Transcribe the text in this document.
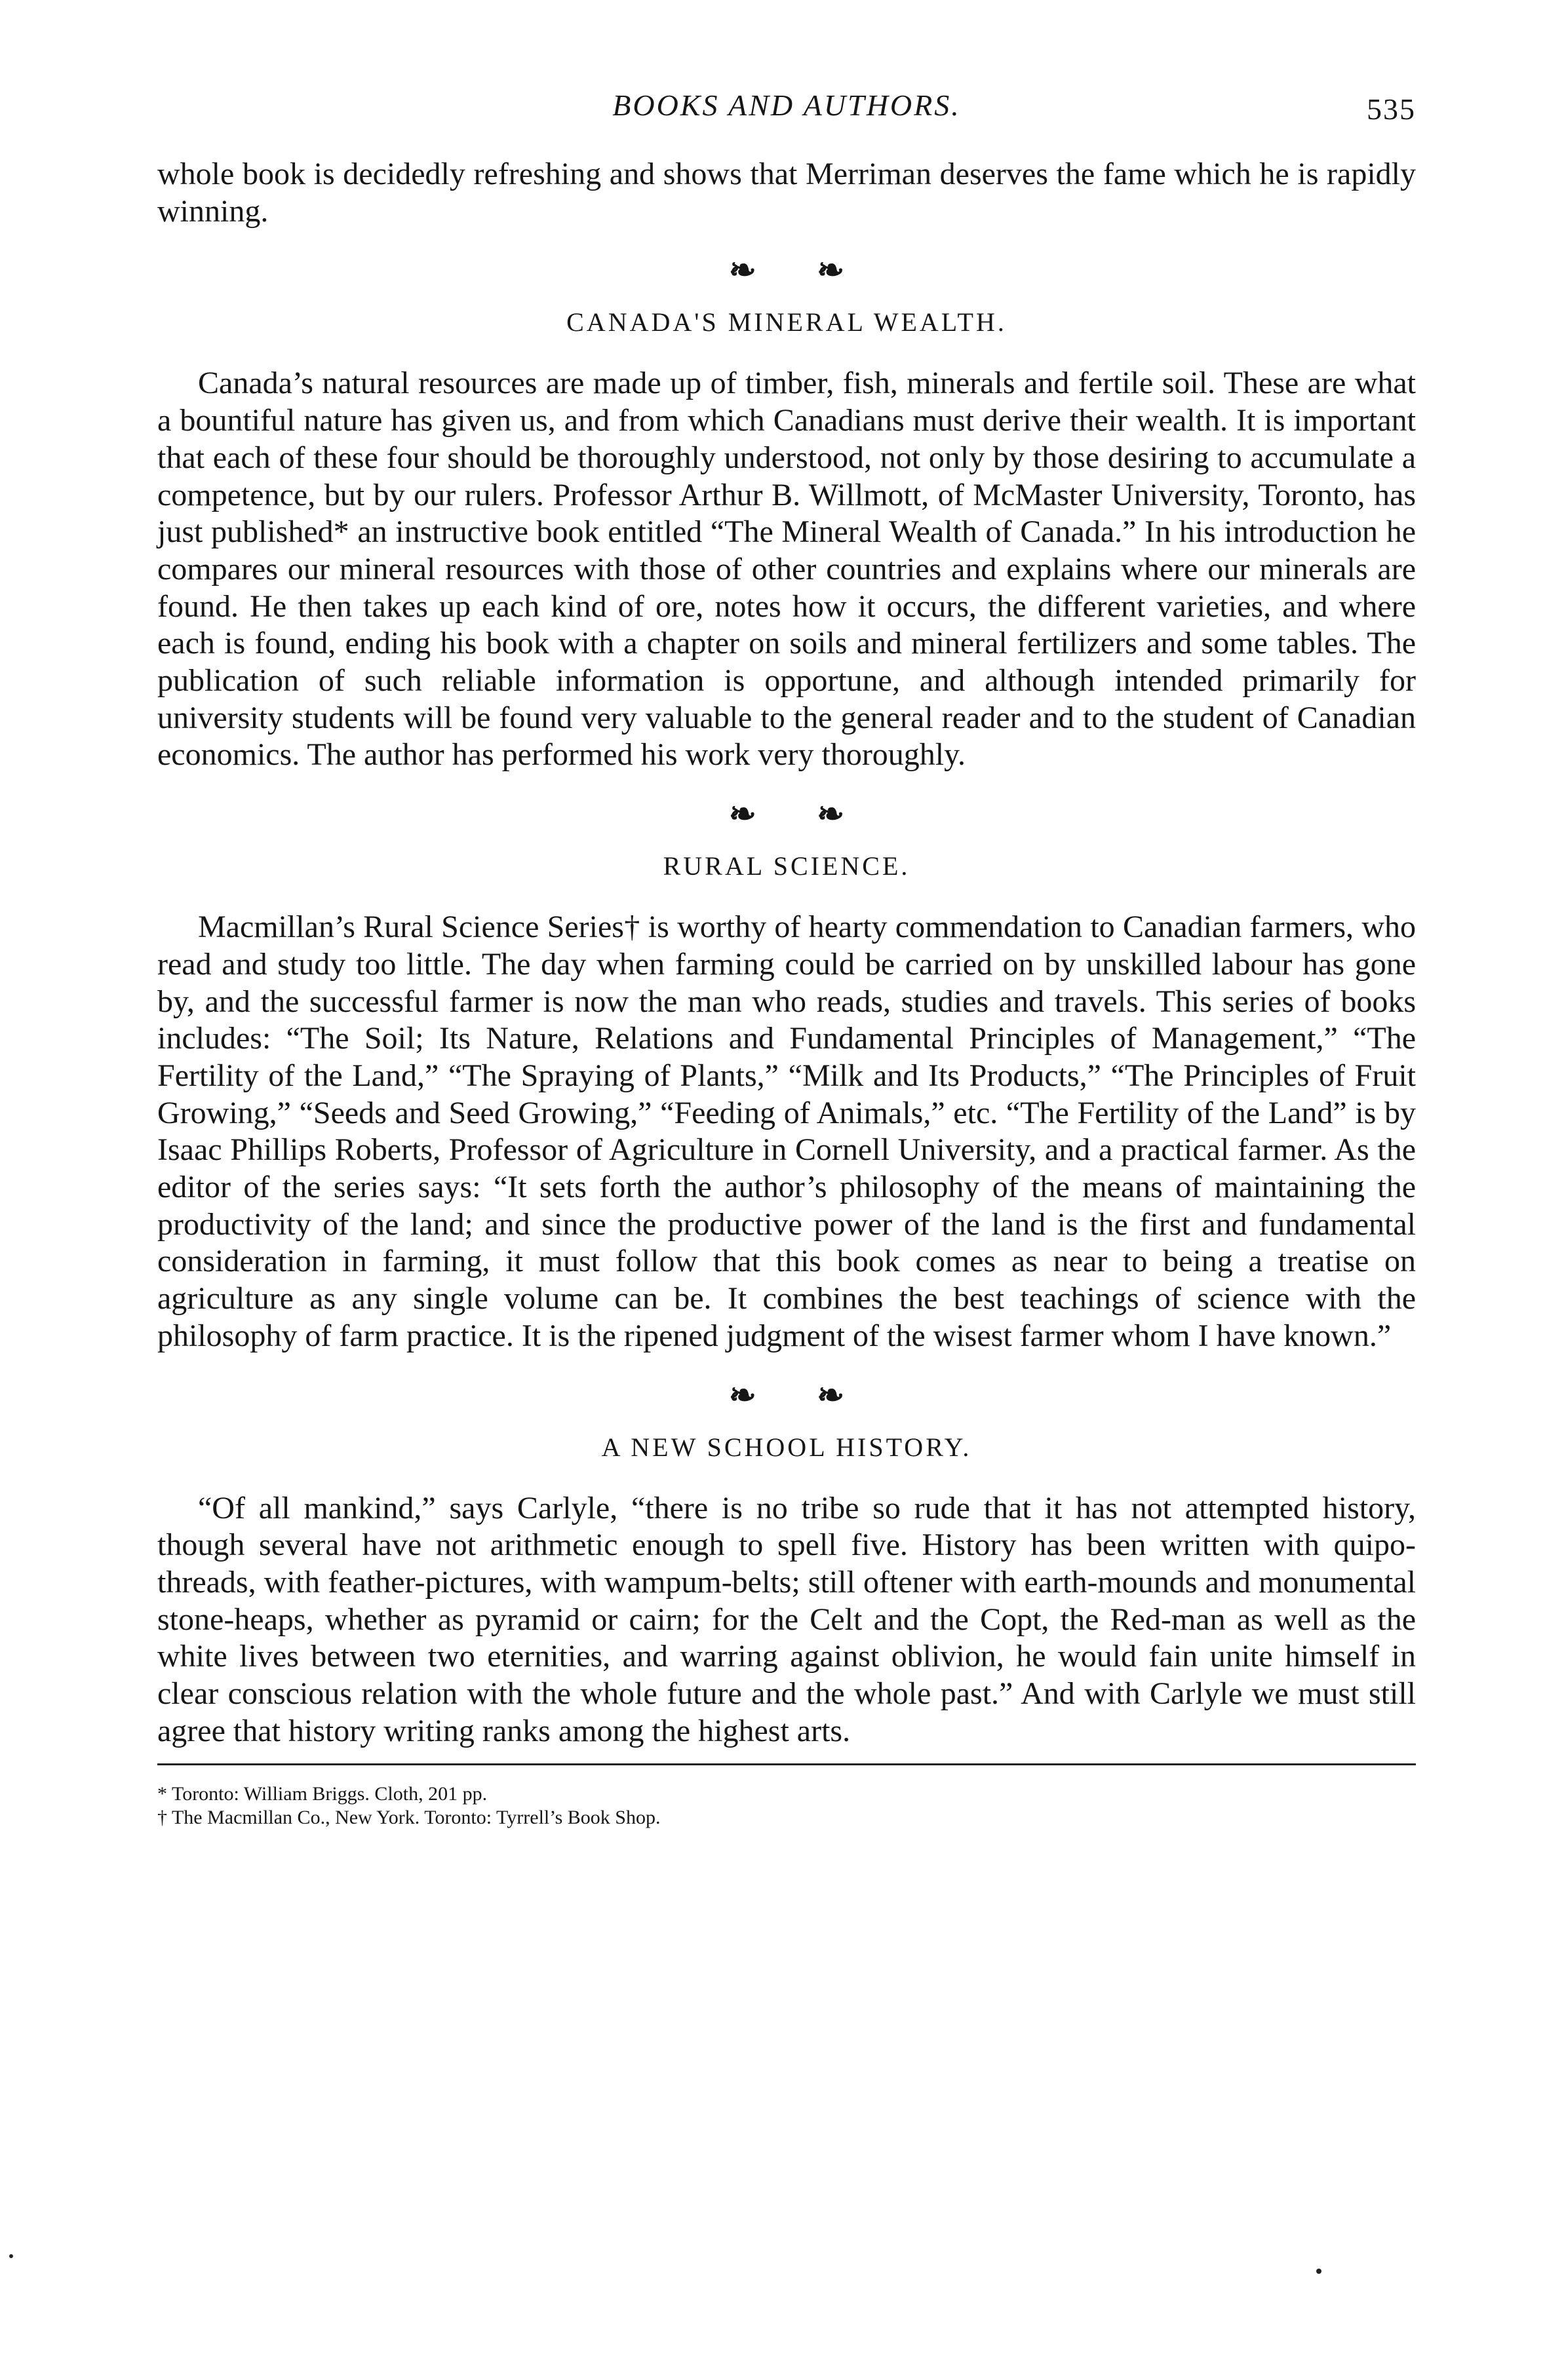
BOOKS AND AUTHORS.	535

whole book is decidedly refreshing and shows that Merriman deserves the fame which he is rapidly winning.

❧ ❧
CANADA'S MINERAL WEALTH.

Canada’s natural resources are made up of timber, fish, minerals and fertile soil. These are what a bountiful nature has given us, and from which Canadians must derive their wealth. It is important that each of these four should be thoroughly understood, not only by those desiring to accumulate a competence, but by our rulers. Professor Arthur B. Willmott, of McMaster University, Toronto, has just published* an instructive book entitled “The Mineral Wealth of Canada.” In his introduction he compares our mineral resources with those of other countries and explains where our minerals are found. He then takes up each kind of ore, notes how it occurs, the different varieties, and where each is found, ending his book with a chapter on soils and mineral fertilizers and some tables. The publication of such reliable information is opportune, and although intended primarily for university students will be found very valuable to the general reader and to the student of Canadian economics. The author has performed his work very thoroughly.

❧ ❧
RURAL SCIENCE.

Macmillan’s Rural Science Series† is worthy of hearty commendation to Canadian farmers, who read and study too little. The day when farming could be carried on by unskilled labour has gone by, and the successful farmer is now the man who reads, studies and travels. This series of books includes: “The Soil; Its Nature, Relations and Fundamental Principles of Management,” “The Fertility of the Land,” “The Spraying of Plants,” “Milk and Its Products,” “The Principles of Fruit Growing,” “Seeds and Seed Growing,” “Feeding of Animals,” etc. “The Fertility of the Land” is by Isaac Phillips Roberts, Professor of Agriculture in Cornell University, and a practical farmer. As the editor of the series says: “It sets forth the author’s philosophy of the means of maintaining the productivity of the land; and since the productive power of the land is the first and fundamental consideration in farming, it must follow that this book comes as near to being a treatise on agriculture as any single volume can be. It combines the best teachings of science with the philosophy of farm practice. It is the ripened judgment of the wisest farmer whom I have known.”

❧ ❧
A NEW SCHOOL HISTORY.

“Of all mankind,” says Carlyle, “there is no tribe so rude that it has not attempted history, though several have not arithmetic enough to spell five. History has been written with quipo-threads, with feather-pictures, with wampum-belts; still oftener with earth-mounds and monumental stone-heaps, whether as pyramid or cairn; for the Celt and the Copt, the Red-man as well as the white lives between two eternities, and warring against oblivion, he would fain unite himself in clear conscious relation with the whole future and the whole past.” And with Carlyle we must still agree that history writing ranks among the highest arts.

* Toronto: William Briggs. Cloth, 201 pp.

† The Macmillan Co., New York. Toronto: Tyrrell’s Book Shop.
